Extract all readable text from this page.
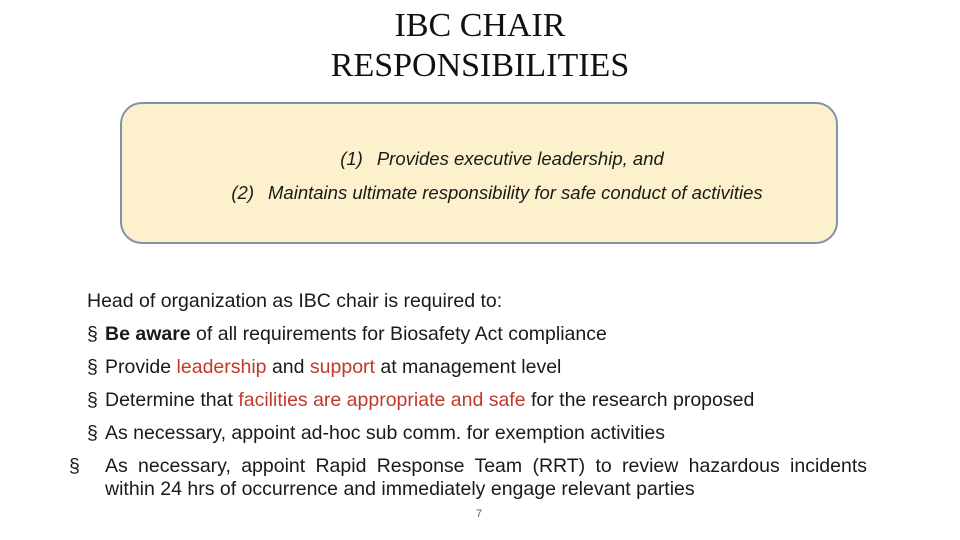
IBC CHAIR
RESPONSIBILITIES
(1) Provides executive leadership, and
(2) Maintains ultimate responsibility for safe conduct of activities
Head of organization as IBC chair is required to:
§ Be aware of all requirements for Biosafety Act compliance
§ Provide leadership and support at management level
§ Determine that facilities are appropriate and safe for the research proposed
§ As necessary, appoint ad-hoc sub comm. for exemption activities
§ As necessary, appoint Rapid Response Team (RRT) to review hazardous incidents within 24 hrs of occurrence and immediately engage relevant parties
7
